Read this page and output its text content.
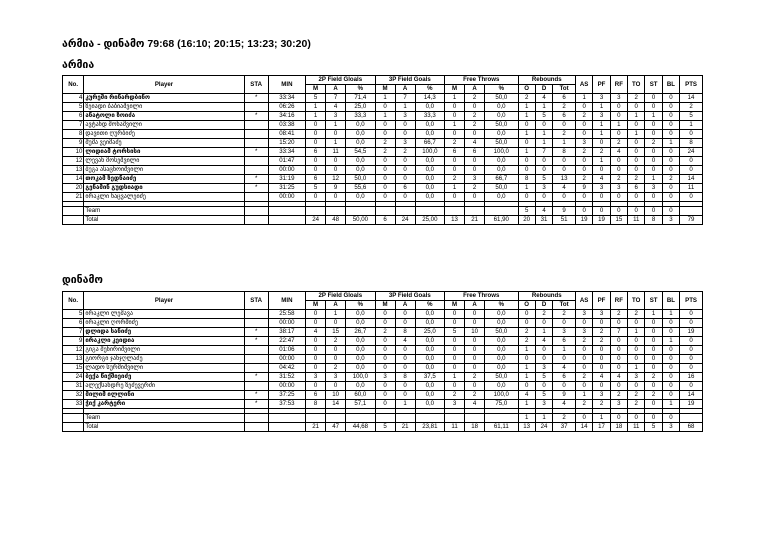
არმია - დინამო 79:68 (16:10; 20:15; 13:23; 30:20)
არმია
No.	Player	STA	MIN	2P Field Gloals			3P Field Goals			Free Throws			Rebounds			AS	PF	RF	TO	ST	BL	PTS
				M	A	%	M	A	%	M	A	%	O	D	Tot							
4	კურეში რინარდბინო	*	33:34	5	7	71,4	1	7	14,3	1	2	50,0	2	4	6	1	3	3	2	0	0	14
5	ზეიადი ბაბიაშვილი		06:26	1	4	25,0	0	1	0,0	0	0	0,0	1	1	2	0	1	0	0	0	0	2
6	ანატოლი ზოიძა	*	34:16	1	3	33,3	1	3	33,3	0	2	0,0	1	5	6	2	3	0	1	1	0	5
7	ავტანდ მოხაშვილი		03:38	0	1	0,0	0	0	0,0	1	2	50,0	0	0	0	0	1	1	0	0	0	1
8	დავითი ღურბიძე		08:41	0	0	0,0	0	0	0,0	0	0	0,0	1	1	2	0	1	0	1	0	0	0
9	მუშა ვეიმაძე		15:20	0	1	0,0	2	3	66,7	2	4	50,0	0	1	1	3	0	2	0	2	1	8
10	ლიდიამ ტორსისი	*	33:34	6	11	54,5	2	2	100,0	6	6	100,0	1	7	8	2	2	4	0	0	0	24
12	ლევან მოსეშვილი		01:47	0	0	0,0	0	0	0,0	0	0	0,0	0	0	0	0	1	0	0	0	0	0
13	ბუგა ასაცხოიშვილი		00:00	0	0	0,0	0	0	0,0	0	0	0,0	0	0	0	0	0	0	0	0	0	0
14	თოკამ ზედნაიძე	*	31:19	6	12	50,0	0	0	0,0	2	3	66,7	8	5	13	2	4	2	2	1	2	14
20	გენამინ გუდსიადი	*	31:25	5	9	55,6	0	6	0,0	1	2	50,0	1	3	4	9	3	3	6	3	0	11
21	ირაკლი ნაცვალეიძე		00:00	0	0	0,0	0	0	0,0	0	0	0,0	0	0	0	0	0	0	0	0	0	0

	Team												5	4	9	0	0	0	0	0	0	
	Total			24	48	50,00	6	24	25,00	13	21	61,90	20	31	51	19	19	15	11	8	3	79
დინამო
No.	Player	STA	MIN	2P Field Gloals			3P Field Goals			Free Throws			Rebounds			AS	PF	RF	TO	ST	BL	PTS
				M	A	%	M	A	%	M	A	%	O	D	Tot							
5	ირაკლი ლეშავა		25:58	0	1	0,0	0	0	0,0	0	0	0,0	0	2	2	3	3	2	2	1	1	0
6	ირაკლი ღორმიძე		00:00	0	0	0,0	0	0	0,0	0	0	0,0	0	0	0	0	0	0	0	0	0	0
7	დლიდა სანიძე	*	38:17	4	15	26,7	2	8	25,0	5	10	50,0	2	1	3	3	2	7	1	0	0	19
9	ირაკლი კეიდია	*	22:47	0	2	0,0	0	4	0,0	0	0	0,0	2	4	6	2	2	0	0	0	1	0
12	გიგა მეხირიშვილი		01:06	0	0	0,0	0	0	0,0	0	0	0,0	1	0	1	0	0	0	0	0	0	0
13	გიორგი ჯანჯღლაძე		00:00	0	0	0,0	0	0	0,0	0	0	0,0	0	0	0	0	0	0	0	0	0	0
15	ლადო სურმიშვილი		04:42	0	2	0,0	0	0	0,0	0	0	0,0	1	3	4	0	0	0	1	0	0	0
24	ბექა წიქშიეიძე	*	31:52	3	3	100,0	3	8	37,5	1	2	50,0	1	5	6	2	4	4	3	2	0	16
31	ალექსანდრე ზეძევერძი		00:00	0	0	0,0	0	0	0,0	0	0	0,0	0	0	0	0	0	0	0	0	0	0
32	მილიმ ილლინი	*	37:25	6	10	60,0	0	0	0,0	2	2	100,0	4	5	9	1	3	2	2	2	0	14
33	ჭიქ კარტერი	*	37:53	8	14	57,1	0	1	0,0	3	4	75,0	1	3	4	2	2	3	2	0	1	19

	Team												1	1	2	0	1	0	0	0	0	
	Total			21	47	44,68	5	21	23,81	11	18	61,11	13	24	37	14	17	18	11	5	3	68
